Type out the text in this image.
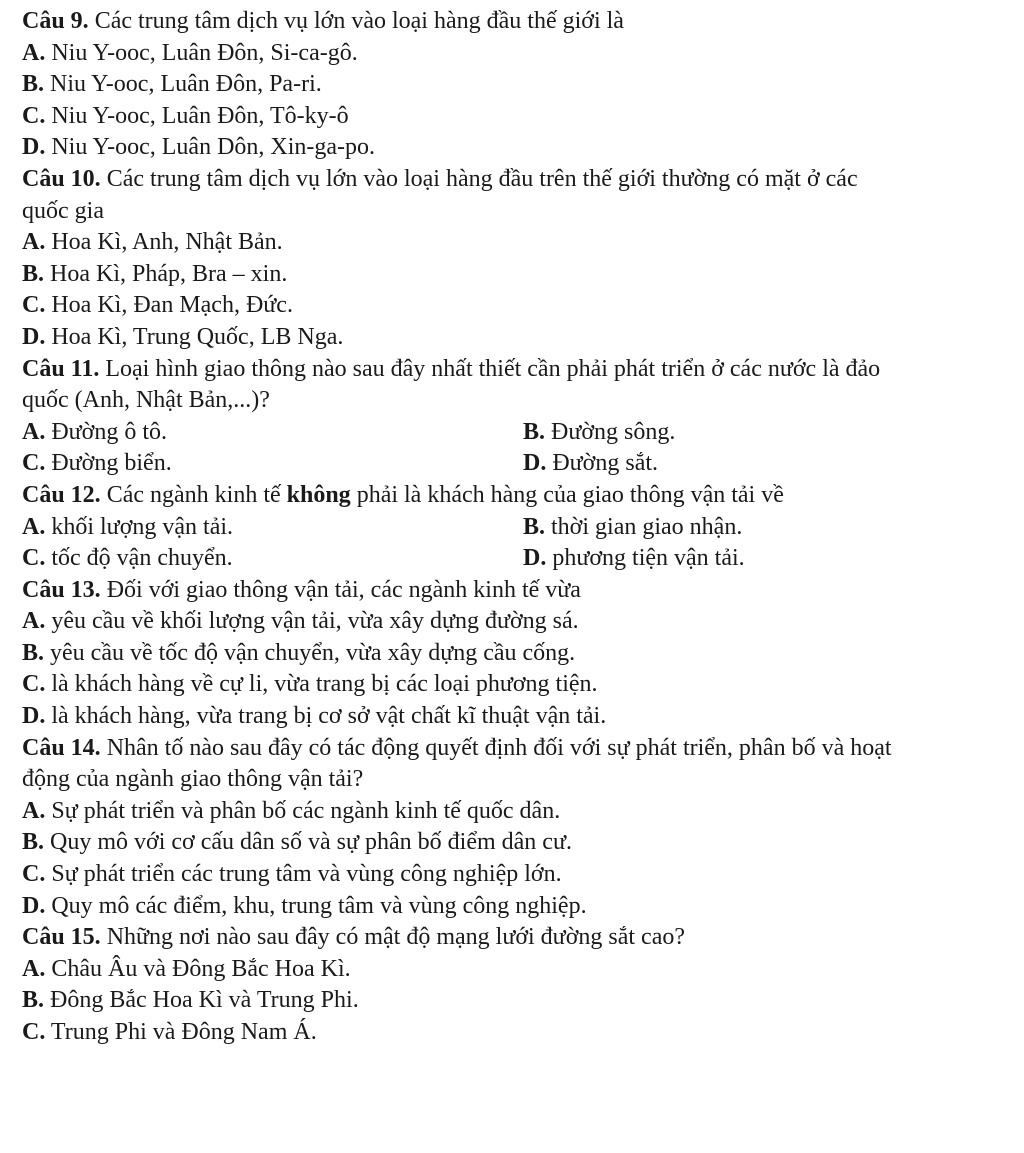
Câu 9. Các trung tâm dịch vụ lớn vào loại hàng đầu thế giới là
A. Niu Y-ooc, Luân Đôn, Si-ca-gô.
B. Niu Y-ooc, Luân Đôn, Pa-ri.
C. Niu Y-ooc, Luân Đôn, Tô-ky-ô
D. Niu Y-ooc, Luân Dôn, Xin-ga-po.
Câu 10. Các trung tâm dịch vụ lớn vào loại hàng đầu trên thế giới thường có mặt ở các
quốc gia
A. Hoa Kì, Anh, Nhật Bản.
B. Hoa Kì, Pháp, Bra – xin.
C. Hoa Kì, Đan Mạch, Đức.
D. Hoa Kì, Trung Quốc, LB Nga.
Câu 11. Loại hình giao thông nào sau đây nhất thiết cần phải phát triển ở các nước là đảo
quốc (Anh, Nhật Bản,...)?
A. Đường ô tô.	B. Đường sông.
C. Đường biển.	D. Đường sắt.
Câu 12. Các ngành kinh tế không phải là khách hàng của giao thông vận tải về
A. khối lượng vận tải.	B. thời gian giao nhận.
C. tốc độ vận chuyển.	D. phương tiện vận tải.
Câu 13. Đối với giao thông vận tải, các ngành kinh tế vừa
A. yêu cầu về khối lượng vận tải, vừa xây dựng đường sá.
B. yêu cầu về tốc độ vận chuyển, vừa xây dựng cầu cống.
C. là khách hàng về cự li, vừa trang bị các loại phương tiện.
D. là khách hàng, vừa trang bị cơ sở vật chất kĩ thuật vận tải.
Câu 14. Nhân tố nào sau đây có tác động quyết định đối với sự phát triển, phân bố và hoạt
động của ngành giao thông vận tải?
A. Sự phát triển và phân bố các ngành kinh tế quốc dân.
B. Quy mô với cơ cấu dân số và sự phân bố điểm dân cư.
C. Sự phát triển các trung tâm và vùng công nghiệp lớn.
D. Quy mô các điểm, khu, trung tâm và vùng công nghiệp.
Câu 15. Những nơi nào sau đây có mật độ mạng lưới đường sắt cao?
A. Châu Âu và Đông Bắc Hoa Kì.
B. Đông Bắc Hoa Kì và Trung Phi.
C. Trung Phi và Đông Nam Á.
